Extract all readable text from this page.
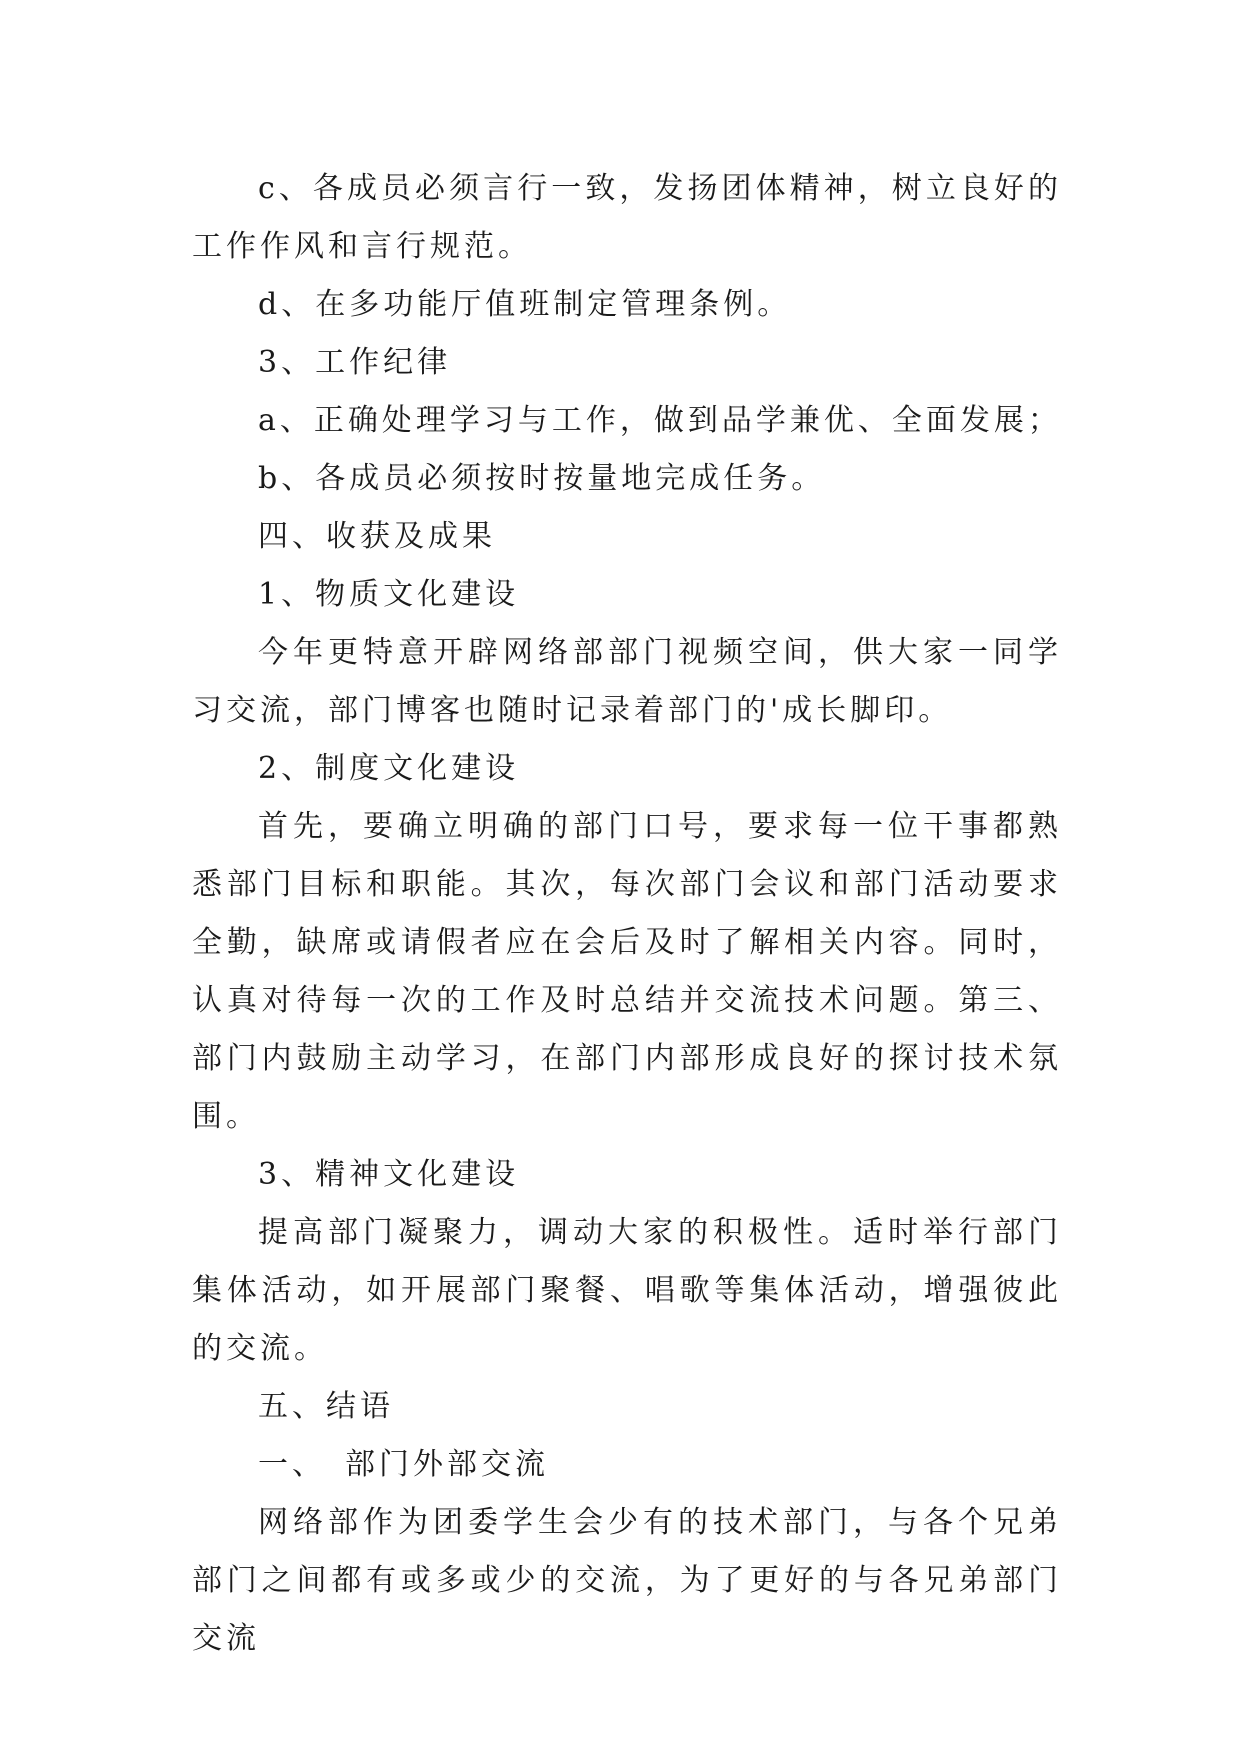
c、各成员必须言行一致，发扬团体精神，树立良好的工作作风和言行规范。

d、在多功能厅值班制定管理条例。

3、工作纪律

a、正确处理学习与工作，做到品学兼优、全面发展；

b、各成员必须按时按量地完成任务。

四、收获及成果

1、物质文化建设

今年更特意开辟网络部部门视频空间，供大家一同学习交流，部门博客也随时记录着部门的'成长脚印。

2、制度文化建设

首先，要确立明确的部门口号，要求每一位干事都熟悉部门目标和职能。其次，每次部门会议和部门活动要求全勤，缺席或请假者应在会后及时了解相关内容。同时，认真对待每一次的工作及时总结并交流技术问题。第三、部门内鼓励主动学习，在部门内部形成良好的探讨技术氛围。

3、精神文化建设

提高部门凝聚力，调动大家的积极性。适时举行部门集体活动，如开展部门聚餐、唱歌等集体活动，增强彼此的交流。

五、结语

一、　部门外部交流

网络部作为团委学生会少有的技术部门，与各个兄弟部门之间都有或多或少的交流，为了更好的与各兄弟部门交流
